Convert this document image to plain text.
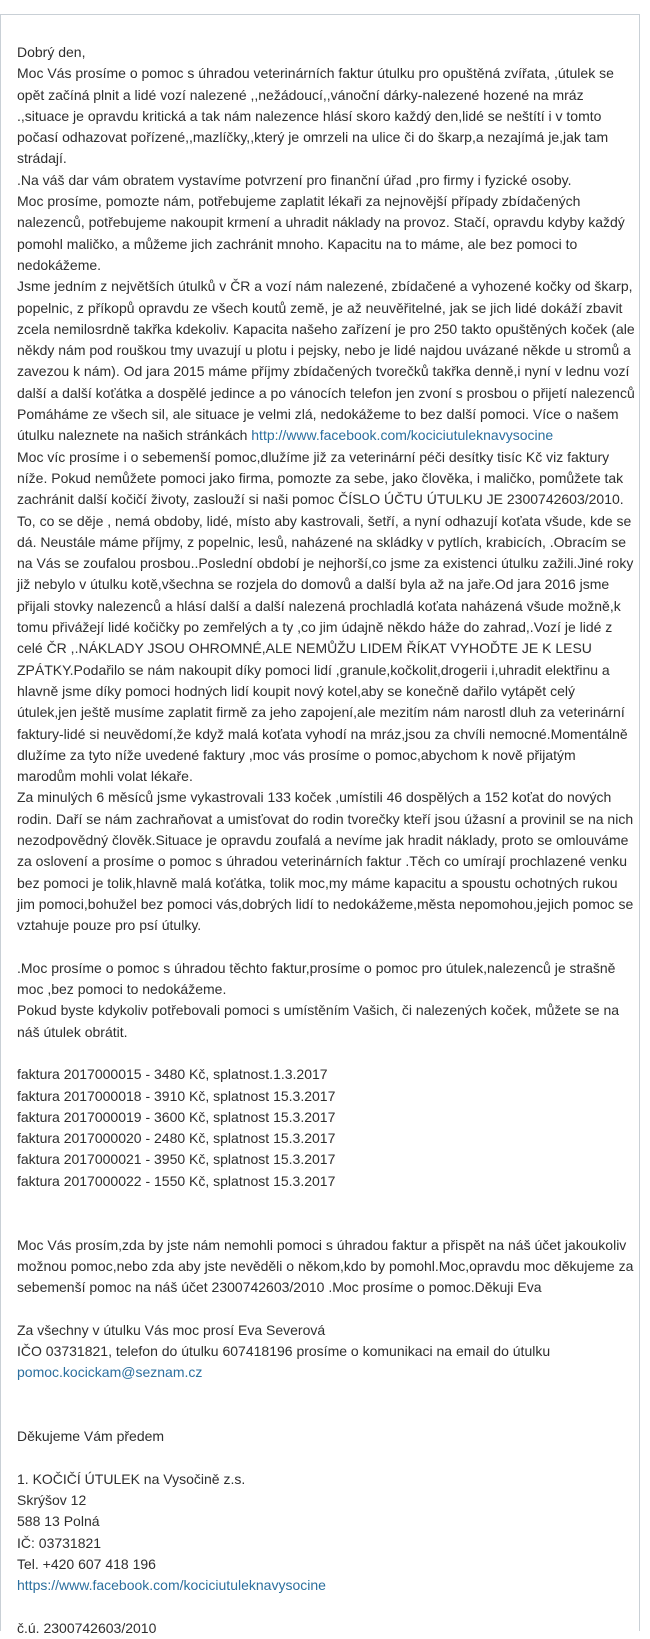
Dobrý den,

Moc Vás prosíme o pomoc s úhradou veterinárních faktur útulku pro opuštěná zvířata, ,útulek se opět začíná plnit a lidé vozí nalezené ,,nežádoucí,,vánoční dárky-nalezené hozené na mráz .,situace je opravdu kritická a tak nám nalezence hlásí skoro každý den,lidé se neštítí i v tomto počasí odhazovat pořízené,,mazlíčky,,který je omrzeli na ulice či do škarp,a nezajímá je,jak tam strádají.

.Na váš dar vám obratem vystavíme potvrzení pro finanční úřad ,pro firmy i fyzické osoby.

Moc prosíme, pomozte nám, potřebujeme zaplatit lékaři za nejnovější případy zbídačených nalezenců, potřebujeme nakoupit krmení a uhradit náklady na provoz. Stačí, opravdu kdyby každý pomohl maličko, a můžeme jich zachránit mnoho. Kapacitu na to máme, ale bez pomoci to nedokážeme.

Jsme jedním z největších útulků v ČR a vozí nám nalezené, zbídačené a vyhozené kočky od škarp, popelnic, z příkopů opravdu ze všech koutů země, je až neuvěřitelné, jak se jich lidé dokáží zbavit zcela nemilosrdně takřka kdekoliv. Kapacita našeho zařízení je pro 250 takto opuštěných koček (ale někdy nám pod rouškou tmy uvazují u plotu i pejsky, nebo je lidé najdou uvázané někde u stromů a zavezou k nám). Od jara 2015 máme příjmy zbídačených tvorečků takřka denně,i nyní v lednu vozí další a další koťátka a dospělé jedince a po vánocích telefon jen zvoní s prosbou o přijetí nalezenců Pomáháme ze všech sil, ale situace je velmi zlá, nedokážeme to bez další pomoci. Více o našem útulku naleznete na našich stránkách http://www.facebook.com/kociciutuleknavysocine

Moc víc prosíme i o sebemenší pomoc,dlužíme již za veterinární péči desítky tisíc Kč viz faktury níže. Pokud nemůžete pomoci jako firma, pomozte za sebe, jako člověka, i maličko, pomůžete tak zachránit další kočičí životy, zaslouží si naši pomoc ČÍSLO ÚČTU ÚTULKU JE 2300742603/2010. To, co se děje , nemá obdoby, lidé, místo aby kastrovali, šetří, a nyní odhazují koťata všude, kde se dá. Neustále máme příjmy, z popelnic, lesů, naházené na skládky v pytlích, krabicích, .Obracím se na Vás se zoufalou prosbou..Poslední období je nejhorší,co jsme za existenci útulku zažili.Jiné roky již nebylo v útulku kotě,všechna se rozjela do domovů a další byla až na jaře.Od jara 2016 jsme přijali stovky nalezenců a hlásí další a další nalezená prochladlá koťata naházená všude možně,k tomu přivážejí lidé kočičky po zemřelých a ty ,co jim údajně někdo háže do zahrad,.Vozí je lidé z celé ČR ,.NÁKLADY JSOU OHROMNÉ,ALE NEMŮŽU LIDEM ŘÍKAT VYHOĎTE JE K LESU ZPÁTKY.Podařilo se nám nakoupit díky pomoci lidí ,granule,kočkolit,drogerii i,uhradit elektřinu a hlavně jsme díky pomoci hodných lidí koupit nový kotel,aby se konečně dařilo vytápět celý útulek,jen ještě musíme zaplatit firmě za jeho zapojení,ale mezitím nám narostl dluh za veterinární faktury-lidé si neuvědomí,že když malá koťata vyhodí na mráz,jsou za chvíli nemocné.Momentálně dlužíme za tyto níže uvedené faktury ,moc vás prosíme o pomoc,abychom k nově přijatým marodům mohli volat lékaře.

Za minulých 6 měsíců jsme vykastrovali 133 koček ,umístili 46 dospělých a 152 koťat do nových rodin. Daří se nám zachraňovat a umisťovat do rodin tvorečky kteří jsou úžasní a provinil se na nich nezodpovědný člověk.Situace je opravdu zoufalá a nevíme jak hradit náklady, proto se omlouváme za oslovení a prosíme o pomoc s úhradou veterinárních faktur .Těch co umírají prochlazené venku bez pomoci je tolik,hlavně malá koťátka, tolik moc,my máme kapacitu a spoustu ochotných rukou jim pomoci,bohužel bez pomoci vás,dobrých lidí to nedokážeme,města nepomohou,jejich pomoc se vztahuje pouze pro psí útulky.

.Moc prosíme o pomoc s úhradou těchto faktur,prosíme o pomoc pro útulek,nalezenců je strašně moc ,bez pomoci to nedokážeme.

Pokud byste kdykoliv potřebovali pomoci s umístěním Vašich, či nalezených koček, můžete se na náš útulek obrátit.

faktura 2017000015 - 3480 Kč, splatnost.1.3.2017

faktura 2017000018 - 3910 Kč, splatnost 15.3.2017

faktura 2017000019 - 3600 Kč, splatnost 15.3.2017

faktura 2017000020 - 2480 Kč, splatnost 15.3.2017

faktura 2017000021 - 3950 Kč, splatnost 15.3.2017

faktura 2017000022 - 1550 Kč, splatnost 15.3.2017

Moc Vás prosím,zda by jste nám nemohli pomoci s úhradou faktur a přispět na náš účet jakoukoliv možnou pomoc,nebo zda aby jste nevěděli o někom,kdo by pomohl.Moc,opravdu moc děkujeme za sebemenší pomoc na náš účet 2300742603/2010 .Moc prosíme o pomoc.Děkuji Eva

Za všechny v útulku Vás moc prosí Eva Severová

IČO 03731821, telefon do útulku 607418196 prosíme o komunikaci na email do útulku

pomoc.kocickam@seznam.cz

Děkujeme Vám předem

1. KOČIČÍ ÚTULEK na Vysočině z.s.

Skrýšov 12

588 13 Polná

IČ: 03731821

Tel. +420 607 418 196

https://www.facebook.com/kociciutuleknavysocine

č.ú. 2300742603/2010
